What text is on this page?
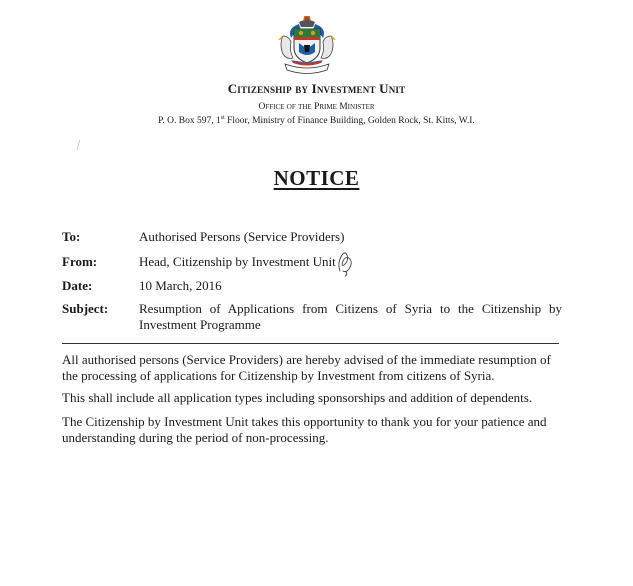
Citizenship by Investment Unit
Office of the Prime Minister
P. O. Box 597, 1st Floor, Ministry of Finance Building, Golden Rock, St. Kitts, W.I.
NOTICE
To:	Authorised Persons (Service Providers)
From:	Head, Citizenship by Investment Unit
Date:	10 March, 2016
Subject:	Resumption of Applications from Citizens of Syria to the Citizenship by Investment Programme
All authorised persons (Service Providers) are hereby advised of the immediate resumption of the processing of applications for Citizenship by Investment from citizens of Syria.
This shall include all application types including sponsorships and addition of dependents.
The Citizenship by Investment Unit takes this opportunity to thank you for your patience and understanding during the period of non-processing.
